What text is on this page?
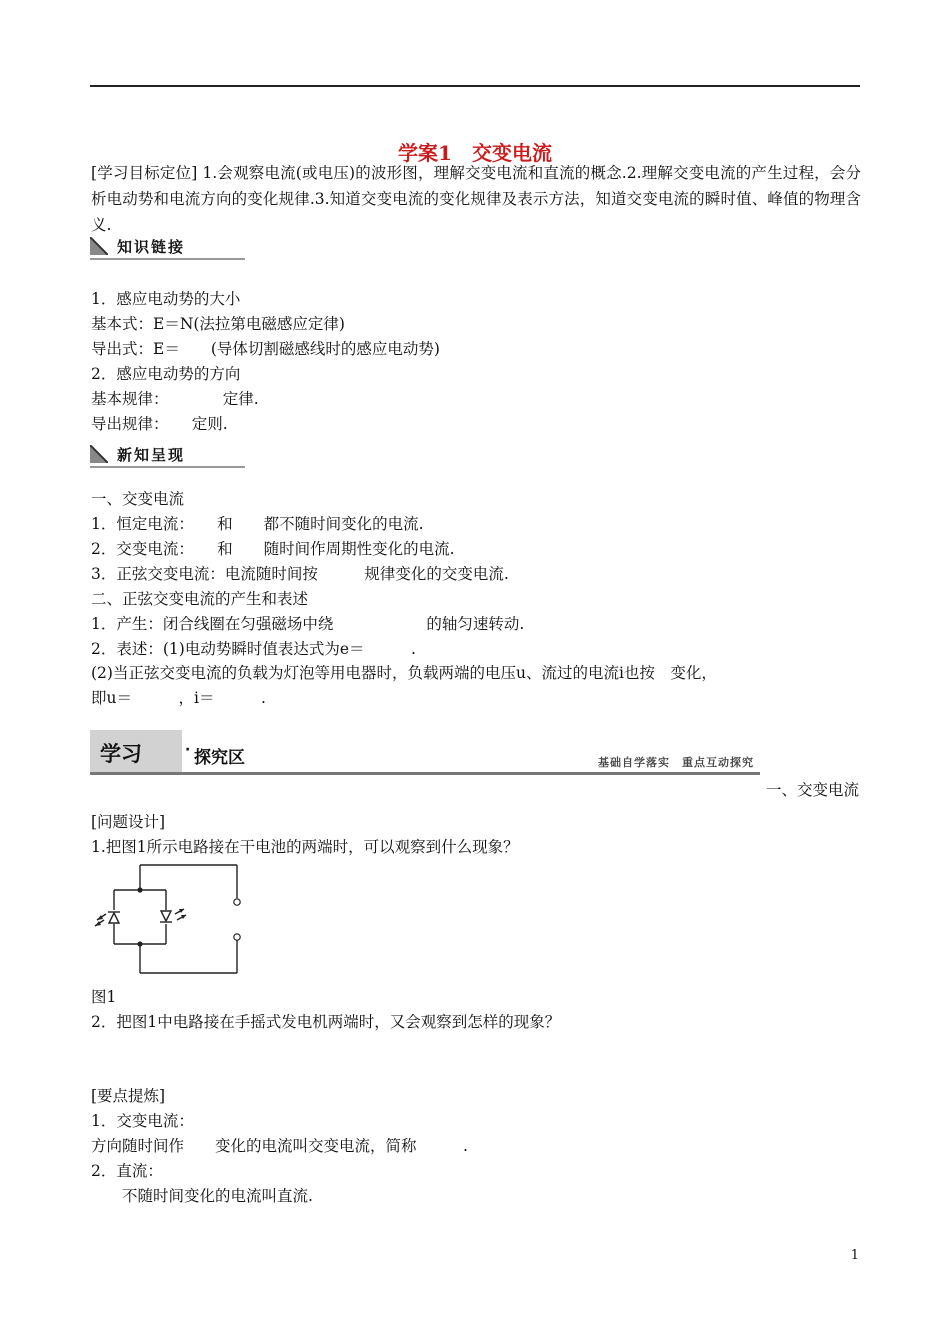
学案1　交变电流
[学习目标定位] 1.会观察电流(或电压)的波形图，理解交变电流和直流的概念.2.理解交变电流的产生过程，会分析电动势和电流方向的变化规律.3.知道交变电流的变化规律及表示方法，知道交变电流的瞬时值、峰值的物理含义.
知识链接
1．感应电动势的大小
基本式：E＝N(法拉第电磁感应定律)
导出式：E＝　　(导体切割磁感线时的感应电动势)
2．感应电动势的方向
基本规律：　　　　定律.
导出规律：　　定则.
新知呈现
一、交变电流
1．恒定电流：　　和　　都不随时间变化的电流.
2．交变电流：　　和　　随时间作周期性变化的电流.
3．正弦交变电流：电流随时间按　　　规律变化的交变电流.
二、正弦交变电流的产生和表述
1．产生：闭合线圈在匀强磁场中绕　　　　　　的轴匀速转动.
2．表述：(1)电动势瞬时值表达式为e＝　　　.
(2)当正弦交变电流的负载为灯泡等用电器时，负载两端的电压u、流过的电流i也按　变化，
即u＝　　　，i＝　　　.
学习	· 探究区	基础自学落实　重点互动探究
一、交变电流
[问题设计]
1.把图1所示电路接在干电池的两端时，可以观察到什么现象？
图1
2．把图1中电路接在手摇式发电机两端时，又会观察到怎样的现象？
[要点提炼]
1．交变电流：
方向随时间作　　变化的电流叫交变电流，简称　　　.
2．直流：
　　不随时间变化的电流叫直流.
1
